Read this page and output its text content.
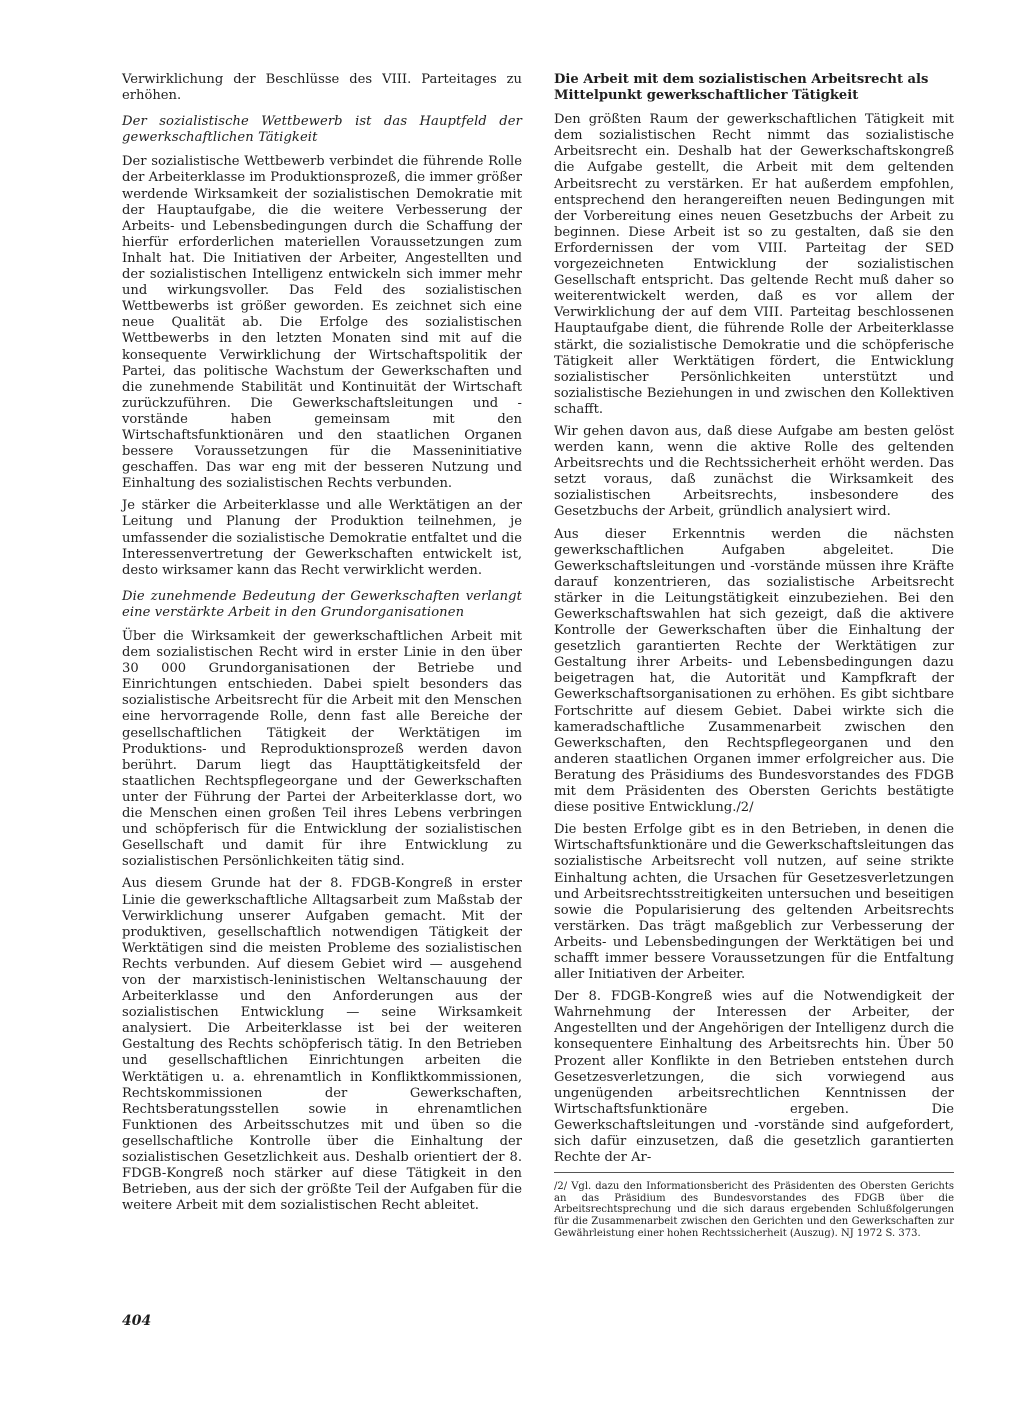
Verwirklichung der Beschlüsse des VIII. Parteitages zu erhöhen.

Der sozialistische Wettbewerb ist das Hauptfeld der gewerkschaftlichen Tätigkeit

Der sozialistische Wettbewerb verbindet die führende Rolle der Arbeiterklasse im Produktionsprozeß, die immer größer werdende Wirksamkeit der sozialistischen Demokratie mit der Hauptaufgabe, die die weitere Verbesserung der Arbeits- und Lebensbedingungen durch die Schaffung der hierfür erforderlichen materiellen Voraussetzungen zum Inhalt hat. Die Initiativen der Arbeiter, Angestellten und der sozialistischen Intelligenz entwickeln sich immer mehr und wirkungsvoller. Das Feld des sozialistischen Wettbewerbs ist größer geworden. Es zeichnet sich eine neue Qualität ab. Die Erfolge des sozialistischen Wettbewerbs in den letzten Monaten sind mit auf die konsequente Verwirklichung der Wirtschaftspolitik der Partei, das politische Wachstum der Gewerkschaften und die zunehmende Stabilität und Kontinuität der Wirtschaft zurückzuführen. Die Gewerkschaftsleitungen und -vorstände haben gemeinsam mit den Wirtschaftsfunktionären und den staatlichen Organen bessere Voraussetzungen für die Masseninitiative geschaffen. Das war eng mit der besseren Nutzung und Einhaltung des sozialistischen Rechts verbunden.

Je stärker die Arbeiterklasse und alle Werktätigen an der Leitung und Planung der Produktion teilnehmen, je umfassender die sozialistische Demokratie entfaltet und die Interessenvertretung der Gewerkschaften entwickelt ist, desto wirksamer kann das Recht verwirklicht werden.

Die zunehmende Bedeutung der Gewerkschaften verlangt eine verstärkte Arbeit in den Grundorganisationen

Über die Wirksamkeit der gewerkschaftlichen Arbeit mit dem sozialistischen Recht wird in erster Linie in den über 30 000 Grundorganisationen der Betriebe und Einrichtungen entschieden. Dabei spielt besonders das sozialistische Arbeitsrecht für die Arbeit mit den Menschen eine hervorragende Rolle, denn fast alle Bereiche der gesellschaftlichen Tätigkeit der Werktätigen im Produktions- und Reproduktionsprozeß werden davon berührt. Darum liegt das Haupttätigkeitsfeld der staatlichen Rechtspflegeorgane und der Gewerkschaften unter der Führung der Partei der Arbeiterklasse dort, wo die Menschen einen großen Teil ihres Lebens verbringen und schöpferisch für die Entwicklung der sozialistischen Gesellschaft und damit für ihre Entwicklung zu sozialistischen Persönlichkeiten tätig sind.

Aus diesem Grunde hat der 8. FDGB-Kongreß in erster Linie die gewerkschaftliche Alltagsarbeit zum Maßstab der Verwirklichung unserer Aufgaben gemacht. Mit der produktiven, gesellschaftlich notwendigen Tätigkeit der Werktätigen sind die meisten Probleme des sozialistischen Rechts verbunden. Auf diesem Gebiet wird — ausgehend von der marxistisch-leninistischen Weltanschauung der Arbeiterklasse und den Anforderungen aus der sozialistischen Entwicklung — seine Wirksamkeit analysiert. Die Arbeiterklasse ist bei der weiteren Gestaltung des Rechts schöpferisch tätig. In den Betrieben und gesellschaftlichen Einrichtungen arbeiten die Werktätigen u. a. ehrenamtlich in Konfliktkommissionen, Rechtskommissionen der Gewerkschaften, Rechtsberatungsstellen sowie in ehrenamtlichen Funktionen des Arbeitsschutzes mit und üben so die gesellschaftliche Kontrolle über die Einhaltung der sozialistischen Gesetzlichkeit aus. Deshalb orientiert der 8. FDGB-Kongreß noch stärker auf diese Tätigkeit in den Betrieben, aus der sich der größte Teil der Aufgaben für die weitere Arbeit mit dem sozialistischen Recht ableitet.

Die Arbeit mit dem sozialistischen Arbeitsrecht als Mittelpunkt gewerkschaftlicher Tätigkeit

Den größten Raum der gewerkschaftlichen Tätigkeit mit dem sozialistischen Recht nimmt das sozialistische Arbeitsrecht ein. Deshalb hat der Gewerkschaftskongreß die Aufgabe gestellt, die Arbeit mit dem geltenden Arbeitsrecht zu verstärken. Er hat außerdem empfohlen, entsprechend den herangereiften neuen Bedingungen mit der Vorbereitung eines neuen Gesetzbuchs der Arbeit zu beginnen. Diese Arbeit ist so zu gestalten, daß sie den Erfordernissen der vom VIII. Parteitag der SED vorgezeichneten Entwicklung der sozialistischen Gesellschaft entspricht. Das geltende Recht muß daher so weiterentwickelt werden, daß es vor allem der Verwirklichung der auf dem VIII. Parteitag beschlossenen Hauptaufgabe dient, die führende Rolle der Arbeiterklasse stärkt, die sozialistische Demokratie und die schöpferische Tätigkeit aller Werktätigen fördert, die Entwicklung sozialistischer Persönlichkeiten unterstützt und sozialistische Beziehungen in und zwischen den Kollektiven schafft.

Wir gehen davon aus, daß diese Aufgabe am besten gelöst werden kann, wenn die aktive Rolle des geltenden Arbeitsrechts und die Rechtssicherheit erhöht werden. Das setzt voraus, daß zunächst die Wirksamkeit des sozialistischen Arbeitsrechts, insbesondere des Gesetzbuchs der Arbeit, gründlich analysiert wird.

Aus dieser Erkenntnis werden die nächsten gewerkschaftlichen Aufgaben abgeleitet. Die Gewerkschaftsleitungen und -vorstände müssen ihre Kräfte darauf konzentrieren, das sozialistische Arbeitsrecht stärker in die Leitungstätigkeit einzubeziehen. Bei den Gewerkschaftswahlen hat sich gezeigt, daß die aktivere Kontrolle der Gewerkschaften über die Einhaltung der gesetzlich garantierten Rechte der Werktätigen zur Gestaltung ihrer Arbeits- und Lebensbedingungen dazu beigetragen hat, die Autorität und Kampfkraft der Gewerkschaftsorganisationen zu erhöhen. Es gibt sichtbare Fortschritte auf diesem Gebiet. Dabei wirkte sich die kameradschaftliche Zusammenarbeit zwischen den Gewerkschaften, den Rechtspflegeorganen und den anderen staatlichen Organen immer erfolgreicher aus. Die Beratung des Präsidiums des Bundesvorstandes des FDGB mit dem Präsidenten des Obersten Gerichts bestätigte diese positive Entwicklung./2/

Die besten Erfolge gibt es in den Betrieben, in denen die Wirtschaftsfunktionäre und die Gewerkschaftsleitungen das sozialistische Arbeitsrecht voll nutzen, auf seine strikte Einhaltung achten, die Ursachen für Gesetzesverletzungen und Arbeitsrechtsstreitigkeiten untersuchen und beseitigen sowie die Popularisierung des geltenden Arbeitsrechts verstärken. Das trägt maßgeblich zur Verbesserung der Arbeits- und Lebensbedingungen der Werktätigen bei und schafft immer bessere Voraussetzungen für die Entfaltung aller Initiativen der Arbeiter.

Der 8. FDGB-Kongreß wies auf die Notwendigkeit der Wahrnehmung der Interessen der Arbeiter, der Angestellten und der Angehörigen der Intelligenz durch die konsequentere Einhaltung des Arbeitsrechts hin. Über 50 Prozent aller Konflikte in den Betrieben entstehen durch Gesetzesverletzungen, die sich vorwiegend aus ungenügenden arbeitsrechtlichen Kenntnissen der Wirtschaftsfunktionäre ergeben. Die Gewerkschaftsleitungen und -vorstände sind aufgefordert, sich dafür einzusetzen, daß die gesetzlich garantierten Rechte der Ar-

/2/ Vgl. dazu den Informationsbericht des Präsidenten des Obersten Gerichts an das Präsidium des Bundesvorstandes des FDGB über die Arbeitsrechtsprechung und die sich daraus ergebenden Schlußfolgerungen für die Zusammenarbeit zwischen den Gerichten und den Gewerkschaften zur Gewährleistung einer hohen Rechtssicherheit (Auszug). NJ 1972 S. 373.

404
